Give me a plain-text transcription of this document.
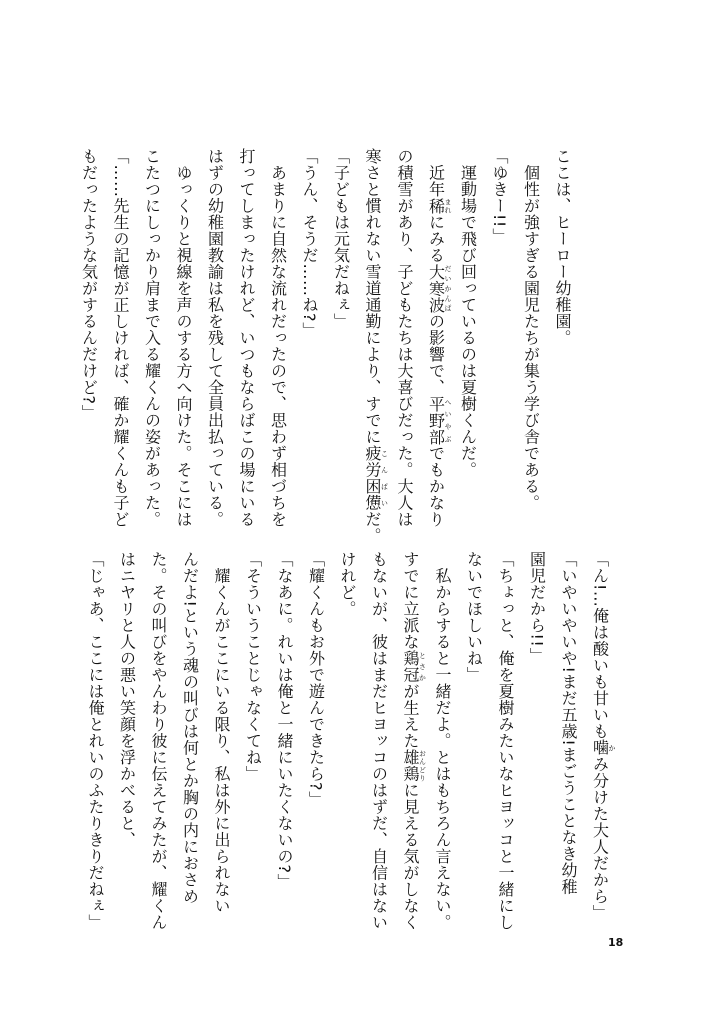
ここは、ヒーロー幼稚園。
　個性が強すぎる園児たちが集う学び舎である。
「ゆきー!!」
　運動場で飛び回っているのは夏樹くんだ。
　近年稀まれにみる大寒波だいかんぱの影響で、平野部へいやぶでもかなり
の積雪があり、子どもたちは大喜びだった。大人は
寒さと慣れない雪道通勤により、すでに疲労困憊こんぱいだ。
「子どもは元気だねぇ」
「うん、そうだ……ね?」
　あまりに自然な流れだったので、思わず相づちを
打ってしまったけれど、いつもならばこの場にいる
はずの幼稚園教諭は私を残して全員出払っている。
　ゆっくりと視線を声のする方へ向けた。そこには
こたつにしっかり肩まで入る耀くんの姿があった。
「……先生の記憶が正しければ、確か耀くんも子ど
もだったような気がするんだけど?」
「ん!…俺は酸いも甘いも噛かみ分けた大人だから」
「いやいやいや!まだ五歳!まごうことなき幼稚
園児だから!!」
「ちょっと、俺を夏樹みたいなヒヨッコと一緒にし
ないでほしいね」
　私からすると一緒だよ。とはもちろん言えない。
すでに立派な鶏冠とさかが生えた雄鶏おんどりに見える気がしなく
もないが、彼はまだヒヨッコのはずだ、自信はない
けれど。
「耀くんもお外で遊んできたら?」
「なあに。れいは俺と一緒にいたくないの?」
「そういうことじゃなくてね」
　耀くんがここにいる限り、私は外に出られない
んだよ!という魂の叫びは何とか胸の内におさめ
た。その叫びをやんわり彼に伝えてみたが、耀くん
はニヤリと人の悪い笑顔を浮かべると、
「じゃあ、ここには俺とれいのふたりきりだねぇ」
18
